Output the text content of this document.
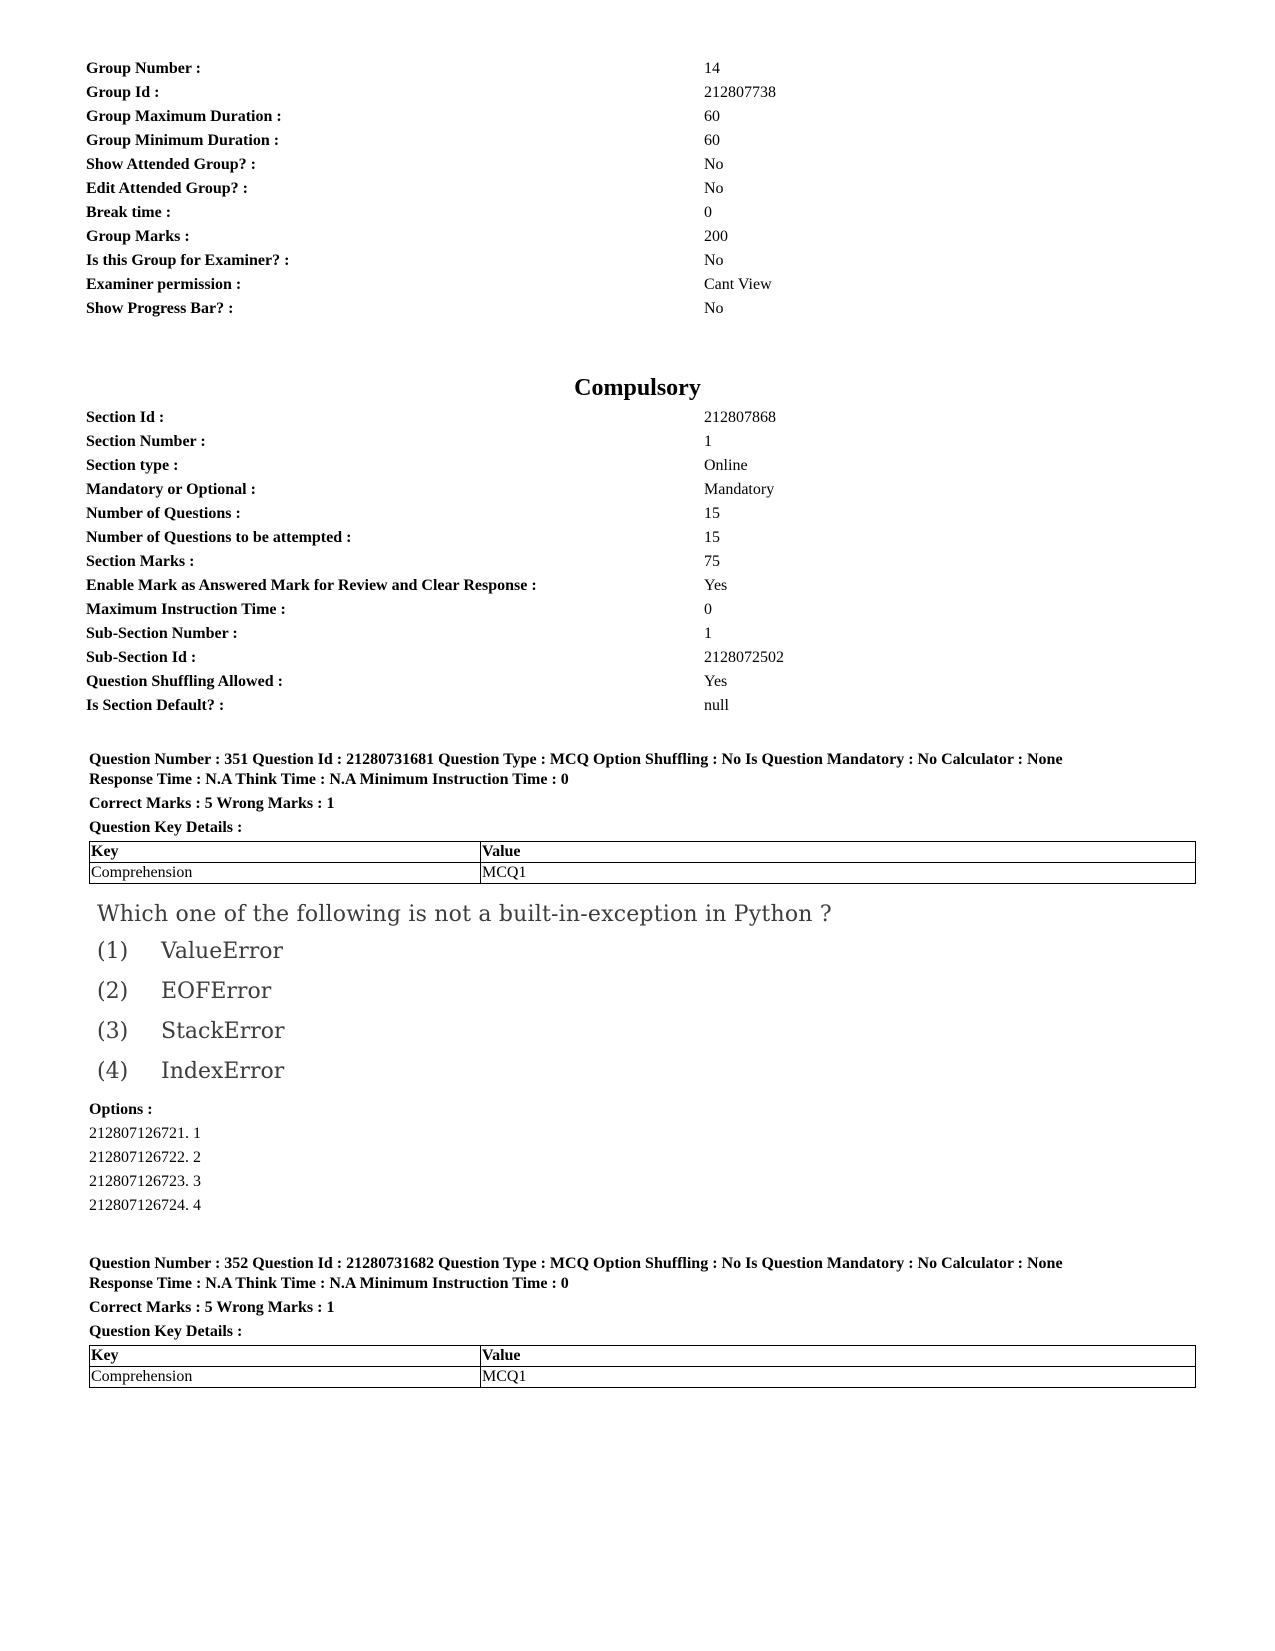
Group Number :	14
Group Id :	212807738
Group Maximum Duration :	60
Group Minimum Duration :	60
Show Attended Group? :	No
Edit Attended Group? :	No
Break time :	0
Group Marks :	200
Is this Group for Examiner? :	No
Examiner permission :	Cant View
Show Progress Bar? :	No
Compulsory
Section Id :	212807868
Section Number :	1
Section type :	Online
Mandatory or Optional :	Mandatory
Number of Questions :	15
Number of Questions to be attempted :	15
Section Marks :	75
Enable Mark as Answered Mark for Review and Clear Response :	Yes
Maximum Instruction Time :	0
Sub-Section Number :	1
Sub-Section Id :	2128072502
Question Shuffling Allowed :	Yes
Is Section Default? :	null
Question Number : 351 Question Id : 21280731681 Question Type : MCQ Option Shuffling : No Is Question Mandatory : No Calculator : None
Response Time : N.A Think Time : N.A Minimum Instruction Time : 0
Correct Marks : 5 Wrong Marks : 1
Question Key Details :
Key	Value
Comprehension	MCQ1
Which one of the following is not a built-in-exception in Python ?
(1)	ValueError
(2)	EOFError
(3)	StackError
(4)	IndexError
Options :
212807126721. 1
212807126722. 2
212807126723. 3
212807126724. 4
Question Number : 352 Question Id : 21280731682 Question Type : MCQ Option Shuffling : No Is Question Mandatory : No Calculator : None
Response Time : N.A Think Time : N.A Minimum Instruction Time : 0
Correct Marks : 5 Wrong Marks : 1
Question Key Details :
Key	Value
Comprehension	MCQ1
